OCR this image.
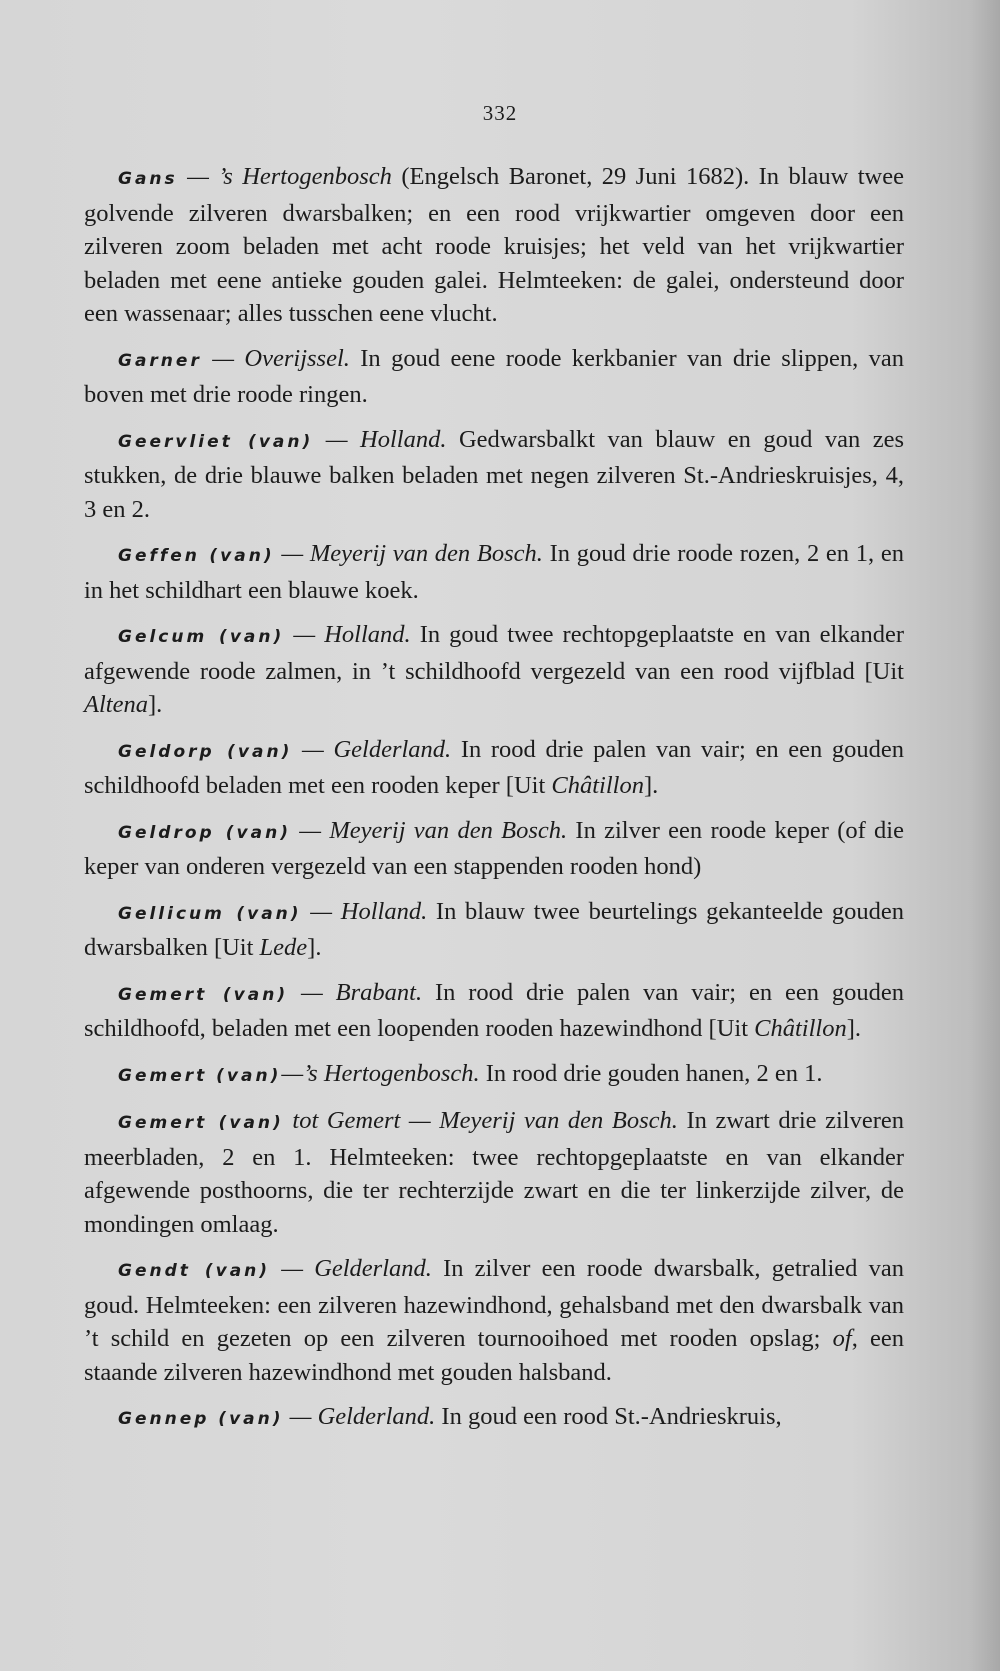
332

Gans — ’s Hertogenbosch (Engelsch Baronet, 29 Juni 1682). In blauw twee golvende zilveren dwarsbalken; en een rood vrijkwartier omgeven door een zilveren zoom beladen met acht roode kruisjes; het veld van het vrijkwartier beladen met eene antieke gouden galei. Helmteeken: de galei, ondersteund door een wassenaar; alles tusschen eene vlucht.

Garner — Overijssel. In goud eene roode kerkbanier van drie slippen, van boven met drie roode ringen.

Geervliet (van) — Holland. Gedwarsbalkt van blauw en goud van zes stukken, de drie blauwe balken beladen met negen zilveren St.-Andrieskruisjes, 4, 3 en 2.

Geffen (van) — Meyerij van den Bosch. In goud drie roode rozen, 2 en 1, en in het schildhart een blauwe koek.

Gelcum (van) — Holland. In goud twee rechtopgeplaatste en van elkander afgewende roode zalmen, in ’t schildhoofd vergezeld van een rood vijfblad [Uit Altena].

Geldorp (van) — Gelderland. In rood drie palen van vair; en een gouden schildhoofd beladen met een rooden keper [Uit Châtillon].

Geldrop (van) — Meyerij van den Bosch. In zilver een roode keper (of die keper van onderen vergezeld van een stappenden rooden hond)

Gellicum (van) — Holland. In blauw twee beurtelings gekanteelde gouden dwarsbalken [Uit Lede].

Gemert (van) — Brabant. In rood drie palen van vair; en een gouden schildhoofd, beladen met een loopenden rooden hazewindhond [Uit Châtillon].

Gemert (van)—’s Hertogenbosch. In rood drie gouden hanen, 2 en 1.

Gemert (van) tot Gemert — Meyerij van den Bosch. In zwart drie zilveren meerbladen, 2 en 1. Helmteeken: twee rechtopgeplaatste en van elkander afgewende posthoorns, die ter rechterzijde zwart en die ter linkerzijde zilver, de mondingen omlaag.

Gendt (van) — Gelderland. In zilver een roode dwarsbalk, getralied van goud. Helmteeken: een zilveren hazewindhond, gehalsband met den dwarsbalk van ’t schild en gezeten op een zilveren tournooihoed met rooden opslag; of, een staande zilveren hazewindhond met gouden halsband.

Gennep (van) — Gelderland. In goud een rood St.-Andrieskruis,
